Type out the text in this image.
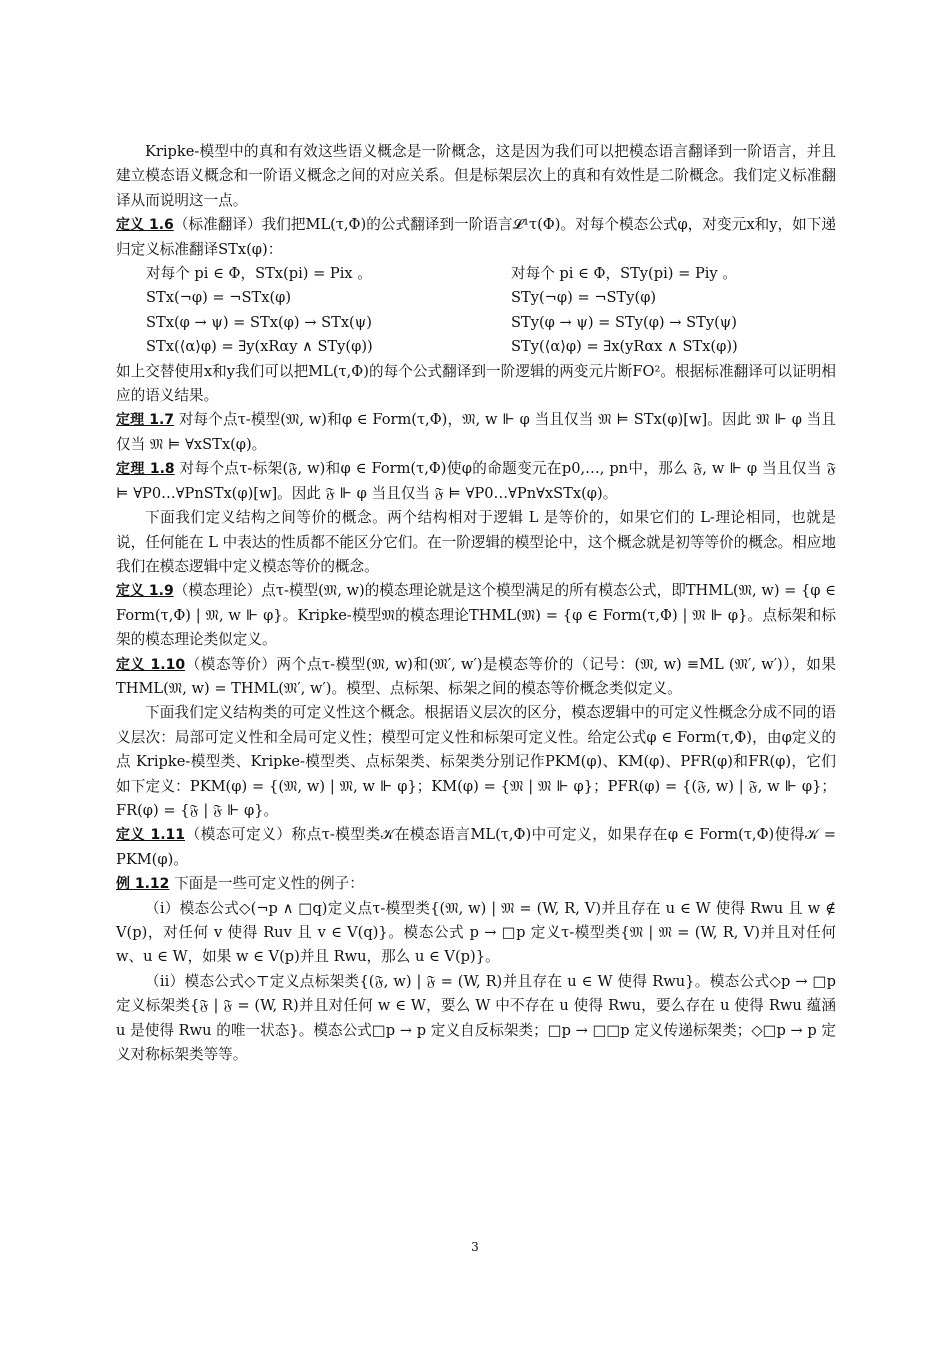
Kripke-模型中的真和有效这些语义概念是一阶概念，这是因为我们可以把模态语言翻译到一阶语言，并且建立模态语义概念和一阶语义概念之间的对应关系。但是标架层次上的真和有效性是二阶概念。我们定义标准翻译从而说明这一点。

定义 1.6（标准翻译）我们把ML(τ,Φ)的公式翻译到一阶语言𝓛¹τ(Φ)。对每个模态公式φ，对变元x和y，如下递归定义标准翻译STx(φ)：

对每个 pi ∈ Φ，STx(pi) = Pix 。	对每个 pi ∈ Φ，STy(pi) = Piy 。
STx(¬φ) = ¬STx(φ)	STy(¬φ) = ¬STy(φ)
STx(φ → ψ) = STx(φ) → STx(ψ)	STy(φ → ψ) = STy(φ) → STy(ψ)
STx(⟨α⟩φ) = ∃y(xRαy ∧ STy(φ))	STy(⟨α⟩φ) = ∃x(yRαx ∧ STx(φ))

如上交替使用x和y我们可以把ML(τ,Φ)的每个公式翻译到一阶逻辑的两变元片断FO²。根据标准翻译可以证明相应的语义结果。

定理 1.7 对每个点τ-模型(𝔐, w)和φ ∈ Form(τ,Φ)，𝔐, w ⊩ φ 当且仅当 𝔐 ⊨ STx(φ)[w]。因此 𝔐 ⊩ φ 当且仅当 𝔐 ⊨ ∀xSTx(φ)。

定理 1.8 对每个点τ-标架(𝔉, w)和φ ∈ Form(τ,Φ)使φ的命题变元在p0,…, pn中，那么 𝔉, w ⊩ φ 当且仅当 𝔉 ⊨ ∀P0…∀PnSTx(φ)[w]。因此 𝔉 ⊩ φ 当且仅当 𝔉 ⊨ ∀P0…∀Pn∀xSTx(φ)。

下面我们定义结构之间等价的概念。两个结构相对于逻辑 L 是等价的，如果它们的 L-理论相同，也就是说，任何能在 L 中表达的性质都不能区分它们。在一阶逻辑的模型论中，这个概念就是初等等价的概念。相应地我们在模态逻辑中定义模态等价的概念。

定义 1.9（模态理论）点τ-模型(𝔐, w)的模态理论就是这个模型满足的所有模态公式，即THML(𝔐, w) = {φ ∈ Form(τ,Φ) | 𝔐, w ⊩ φ}。Kripke-模型𝔐的模态理论THML(𝔐) = {φ ∈ Form(τ,Φ) | 𝔐 ⊩ φ}。点标架和标架的模态理论类似定义。

定义 1.10（模态等价）两个点τ-模型(𝔐, w)和(𝔐′, w′)是模态等价的（记号：(𝔐, w) ≡ML (𝔐′, w′)），如果THML(𝔐, w) = THML(𝔐′, w′)。模型、点标架、标架之间的模态等价概念类似定义。

下面我们定义结构类的可定义性这个概念。根据语义层次的区分，模态逻辑中的可定义性概念分成不同的语义层次：局部可定义性和全局可定义性；模型可定义性和标架可定义性。给定公式φ ∈ Form(τ,Φ)，由φ定义的点 Kripke-模型类、Kripke-模型类、点标架类、标架类分别记作PKM(φ)、KM(φ)、PFR(φ)和FR(φ)，它们如下定义：PKM(φ) = {(𝔐, w) | 𝔐, w ⊩ φ}；KM(φ) = {𝔐 | 𝔐 ⊩ φ}；PFR(φ) = {(𝔉, w) | 𝔉, w ⊩ φ}；FR(φ) = {𝔉 | 𝔉 ⊩ φ}。

定义 1.11（模态可定义）称点τ-模型类𝒦在模态语言ML(τ,Φ)中可定义，如果存在φ ∈ Form(τ,Φ)使得𝒦 = PKM(φ)。

例 1.12 下面是一些可定义性的例子：

（i）模态公式◇(¬p ∧ □q)定义点τ-模型类{(𝔐, w) | 𝔐 = (W, R, V)并且存在 u ∈ W 使得 Rwu 且 w ∉ V(p)，对任何 v 使得 Ruv 且 v ∈ V(q)}。模态公式 p → □p 定义τ-模型类{𝔐 | 𝔐 = (W, R, V)并且对任何 w、u ∈ W，如果 w ∈ V(p)并且 Rwu，那么 u ∈ V(p)}。

（ii）模态公式◇⊤定义点标架类{(𝔉, w) | 𝔉 = (W, R)并且存在 u ∈ W 使得 Rwu}。模态公式◇p → □p 定义标架类{𝔉 | 𝔉 = (W, R)并且对任何 w ∈ W，要么 W 中不存在 u 使得 Rwu，要么存在 u 使得 Rwu 蕴涵 u 是使得 Rwu 的唯一状态}。模态公式□p → p 定义自反标架类；□p → □□p 定义传递标架类；◇□p → p 定义对称标架类等等。

3
